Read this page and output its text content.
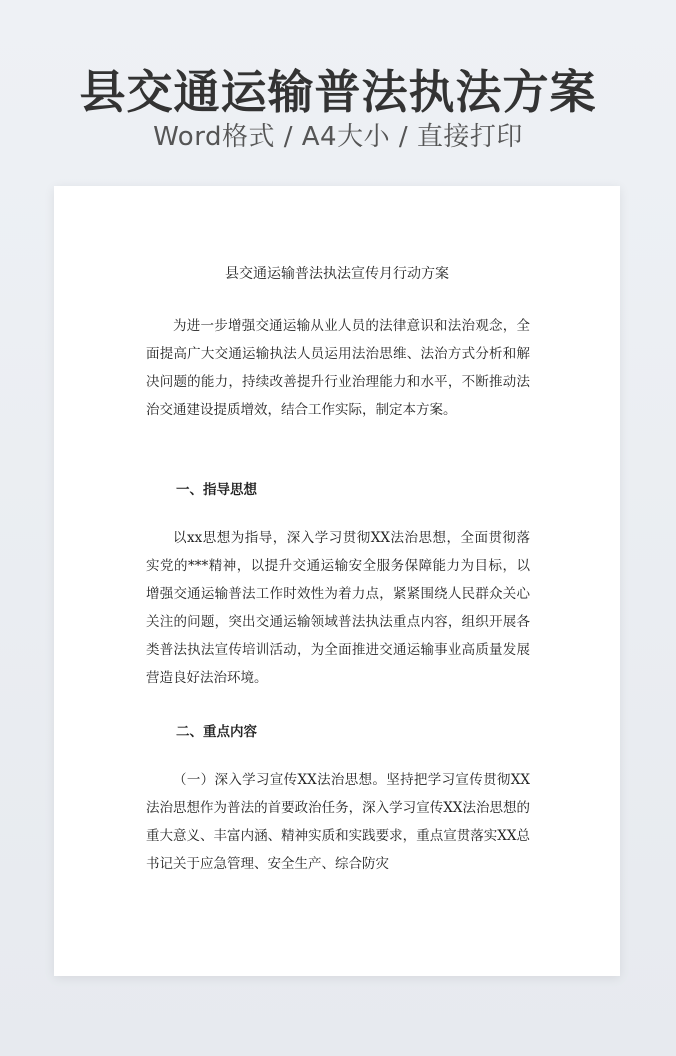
县交通运输普法执法方案
Word格式 / A4大小 / 直接打印
县交通运输普法执法宣传月行动方案

为进一步增强交通运输从业人员的法律意识和法治观念，全面提高广大交通运输执法人员运用法治思维、法治方式分析和解决问题的能力，持续改善提升行业治理能力和水平，不断推动法治交通建设提质增效，结合工作实际，制定本方案。

一、指导思想

以xx思想为指导，深入学习贯彻XX法治思想，全面贯彻落实党的***精神，以提升交通运输安全服务保障能力为目标，以增强交通运输普法工作时效性为着力点，紧紧围绕人民群众关心关注的问题，突出交通运输领域普法执法重点内容，组织开展各类普法执法宣传培训活动，为全面推进交通运输事业高质量发展营造良好法治环境。

二、重点内容

（一）深入学习宣传XX法治思想。坚持把学习宣传贯彻XX法治思想作为普法的首要政治任务，深入学习宣传XX法治思想的重大意义、丰富内涵、精神实质和实践要求，重点宣贯落实XX总书记关于应急管理、安全生产、综合防灾
